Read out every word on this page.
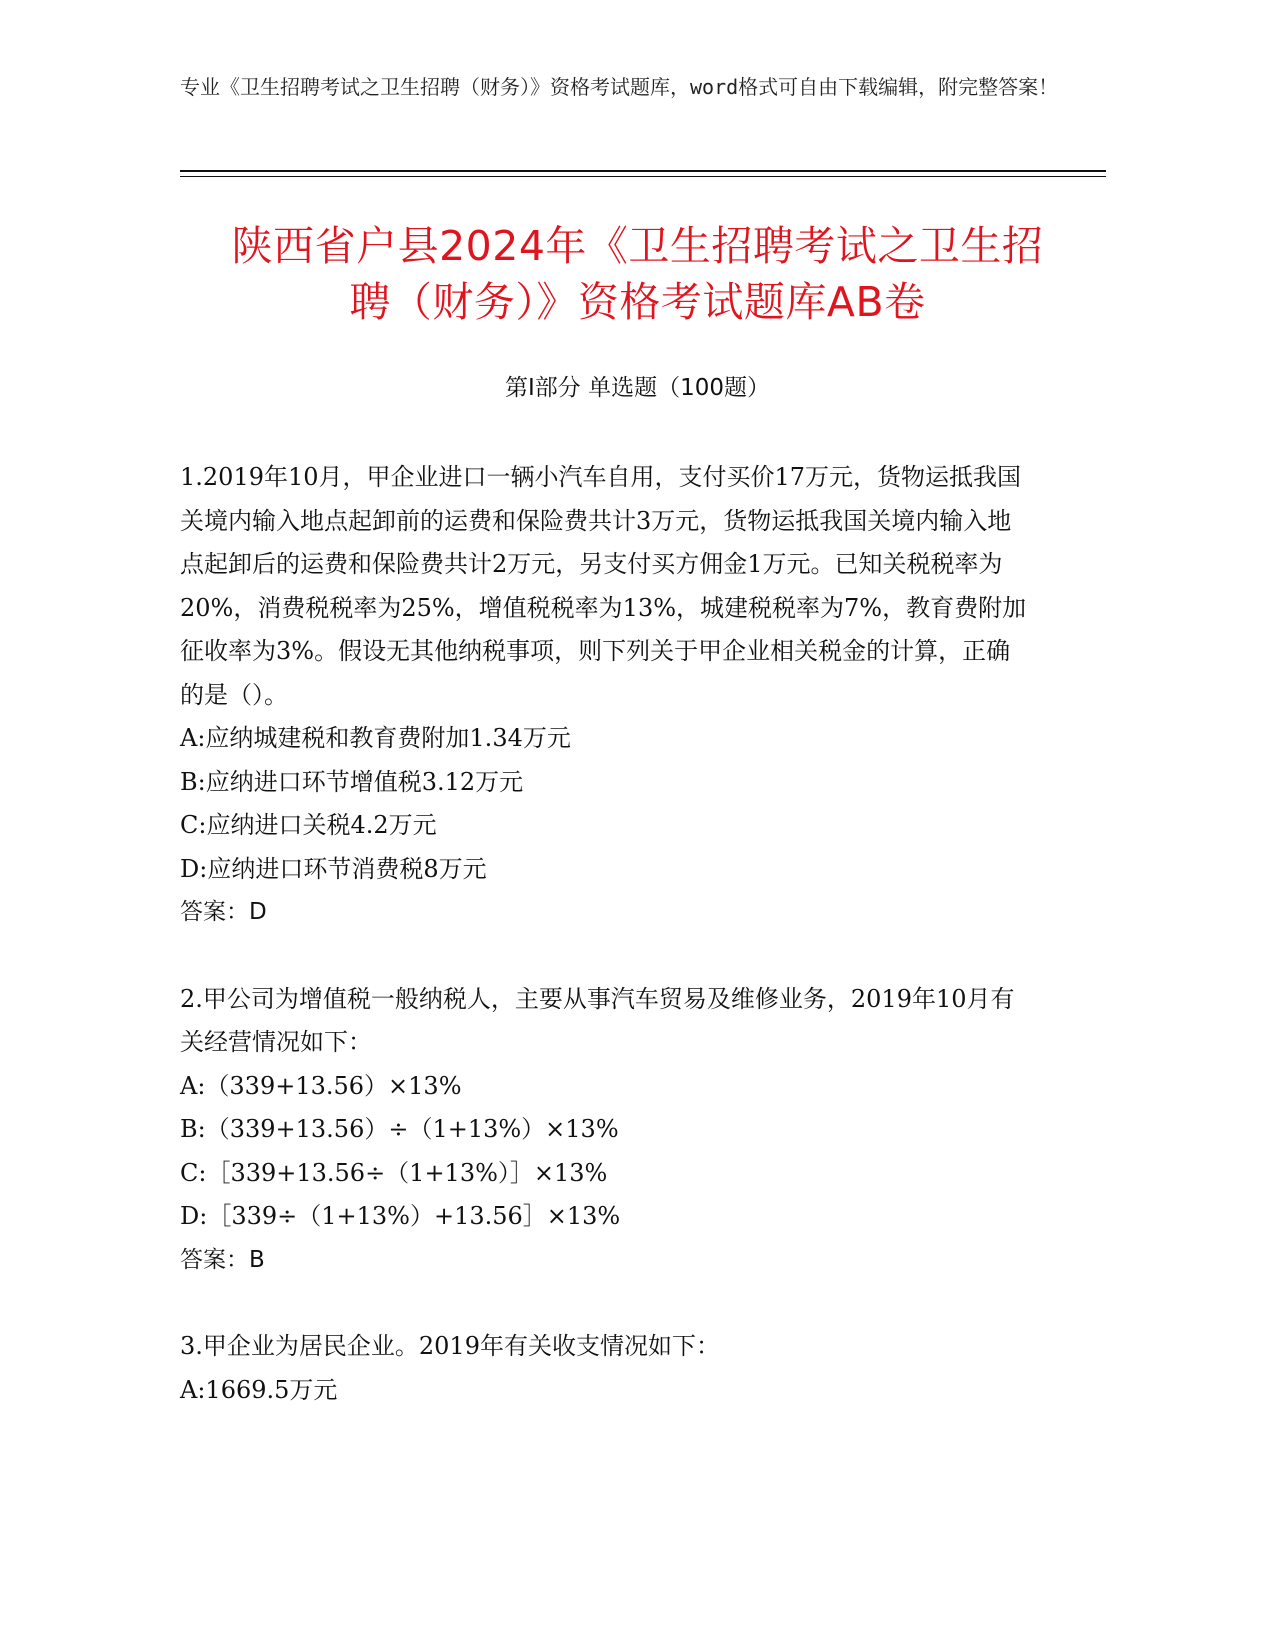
专业《卫生招聘考试之卫生招聘（财务）》资格考试题库，word格式可自由下载编辑，附完整答案！
陕西省户县2024年《卫生招聘考试之卫生招
聘（财务）》资格考试题库AB卷
第Ⅰ部分 单选题（100题）

1.2019年10月，甲企业进口一辆小汽车自用，支付买价17万元，货物运抵我国关境内输入地点起卸前的运费和保险费共计3万元，货物运抵我国关境内输入地点起卸后的运费和保险费共计2万元，另支付买方佣金1万元。已知关税税率为20%，消费税税率为25%，增值税税率为13%，城建税税率为7%，教育费附加征收率为3%。假设无其他纳税事项，则下列关于甲企业相关税金的计算，正确的是（）。

A:应纳城建税和教育费附加1.34万元

B:应纳进口环节增值税3.12万元

C:应纳进口关税4.2万元

D:应纳进口环节消费税8万元

答案：D

2.甲公司为增值税一般纳税人，主要从事汽车贸易及维修业务，2019年10月有关经营情况如下：

A:（339+13.56）×13%

B:（339+13.56）÷（1+13%）×13%

C:［339+13.56÷（1+13%）］×13%

D:［339÷（1+13%）+13.56］×13%

答案：B

3.甲企业为居民企业。2019年有关收支情况如下：

A:1669.5万元
